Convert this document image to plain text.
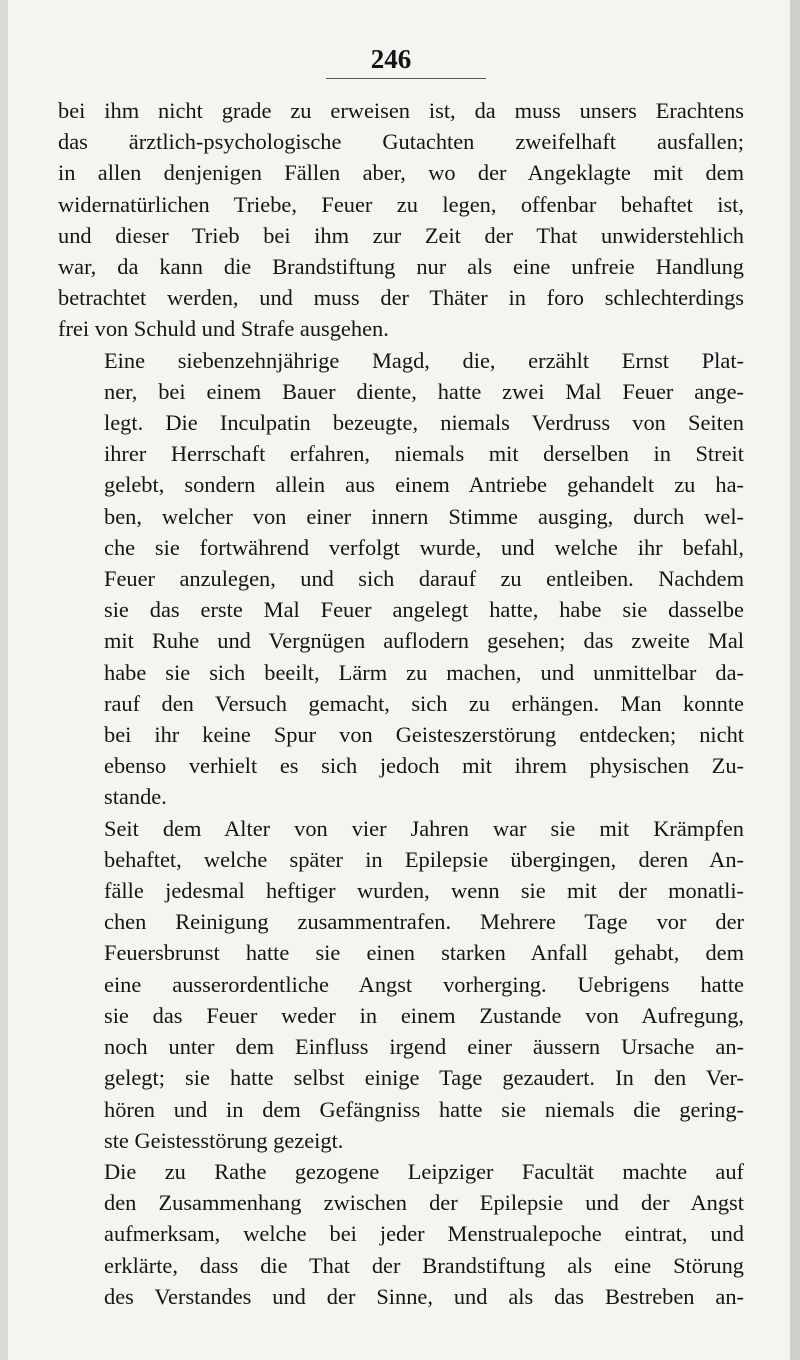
246

bei ihm nicht grade zu erweisen ist, da muss unsers Erachtens
das ärztlich-psychologische Gutachten zweifelhaft ausfallen;
in allen denjenigen Fällen aber, wo der Angeklagte mit dem
widernatürlichen Triebe, Feuer zu legen, offenbar behaftet ist,
und dieser Trieb bei ihm zur Zeit der That unwiderstehlich
war, da kann die Brandstiftung nur als eine unfreie Handlung
betrachtet werden, und muss der Thäter in foro schlechterdings
frei von Schuld und Strafe ausgehen.

Eine siebenzehnjährige Magd, die, erzählt Ernst Plat-
ner, bei einem Bauer diente, hatte zwei Mal Feuer ange-
legt. Die Inculpatin bezeugte, niemals Verdruss von Seiten
ihrer Herrschaft erfahren, niemals mit derselben in Streit
gelebt, sondern allein aus einem Antriebe gehandelt zu ha-
ben, welcher von einer innern Stimme ausging, durch wel-
che sie fortwährend verfolgt wurde, und welche ihr befahl,
Feuer anzulegen, und sich darauf zu entleiben. Nachdem
sie das erste Mal Feuer angelegt hatte, habe sie dasselbe
mit Ruhe und Vergnügen auflodern gesehen; das zweite Mal
habe sie sich beeilt, Lärm zu machen, und unmittelbar da-
rauf den Versuch gemacht, sich zu erhängen. Man konnte
bei ihr keine Spur von Geisteszerstörung entdecken; nicht
ebenso verhielt es sich jedoch mit ihrem physischen Zu-
stande.

Seit dem Alter von vier Jahren war sie mit Krämpfen
behaftet, welche später in Epilepsie übergingen, deren An-
fälle jedesmal heftiger wurden, wenn sie mit der monatli-
chen Reinigung zusammentrafen. Mehrere Tage vor der
Feuersbrunst hatte sie einen starken Anfall gehabt, dem
eine ausserordentliche Angst vorherging. Uebrigens hatte
sie das Feuer weder in einem Zustande von Aufregung,
noch unter dem Einfluss irgend einer äussern Ursache an-
gelegt; sie hatte selbst einige Tage gezaudert. In den Ver-
hören und in dem Gefängniss hatte sie niemals die gering-
ste Geistesstörung gezeigt.

Die zu Rathe gezogene Leipziger Facultät machte auf
den Zusammenhang zwischen der Epilepsie und der Angst
aufmerksam, welche bei jeder Menstrualepoche eintrat, und
erklärte, dass die That der Brandstiftung als eine Störung
des Verstandes und der Sinne, und als das Bestreben an-
